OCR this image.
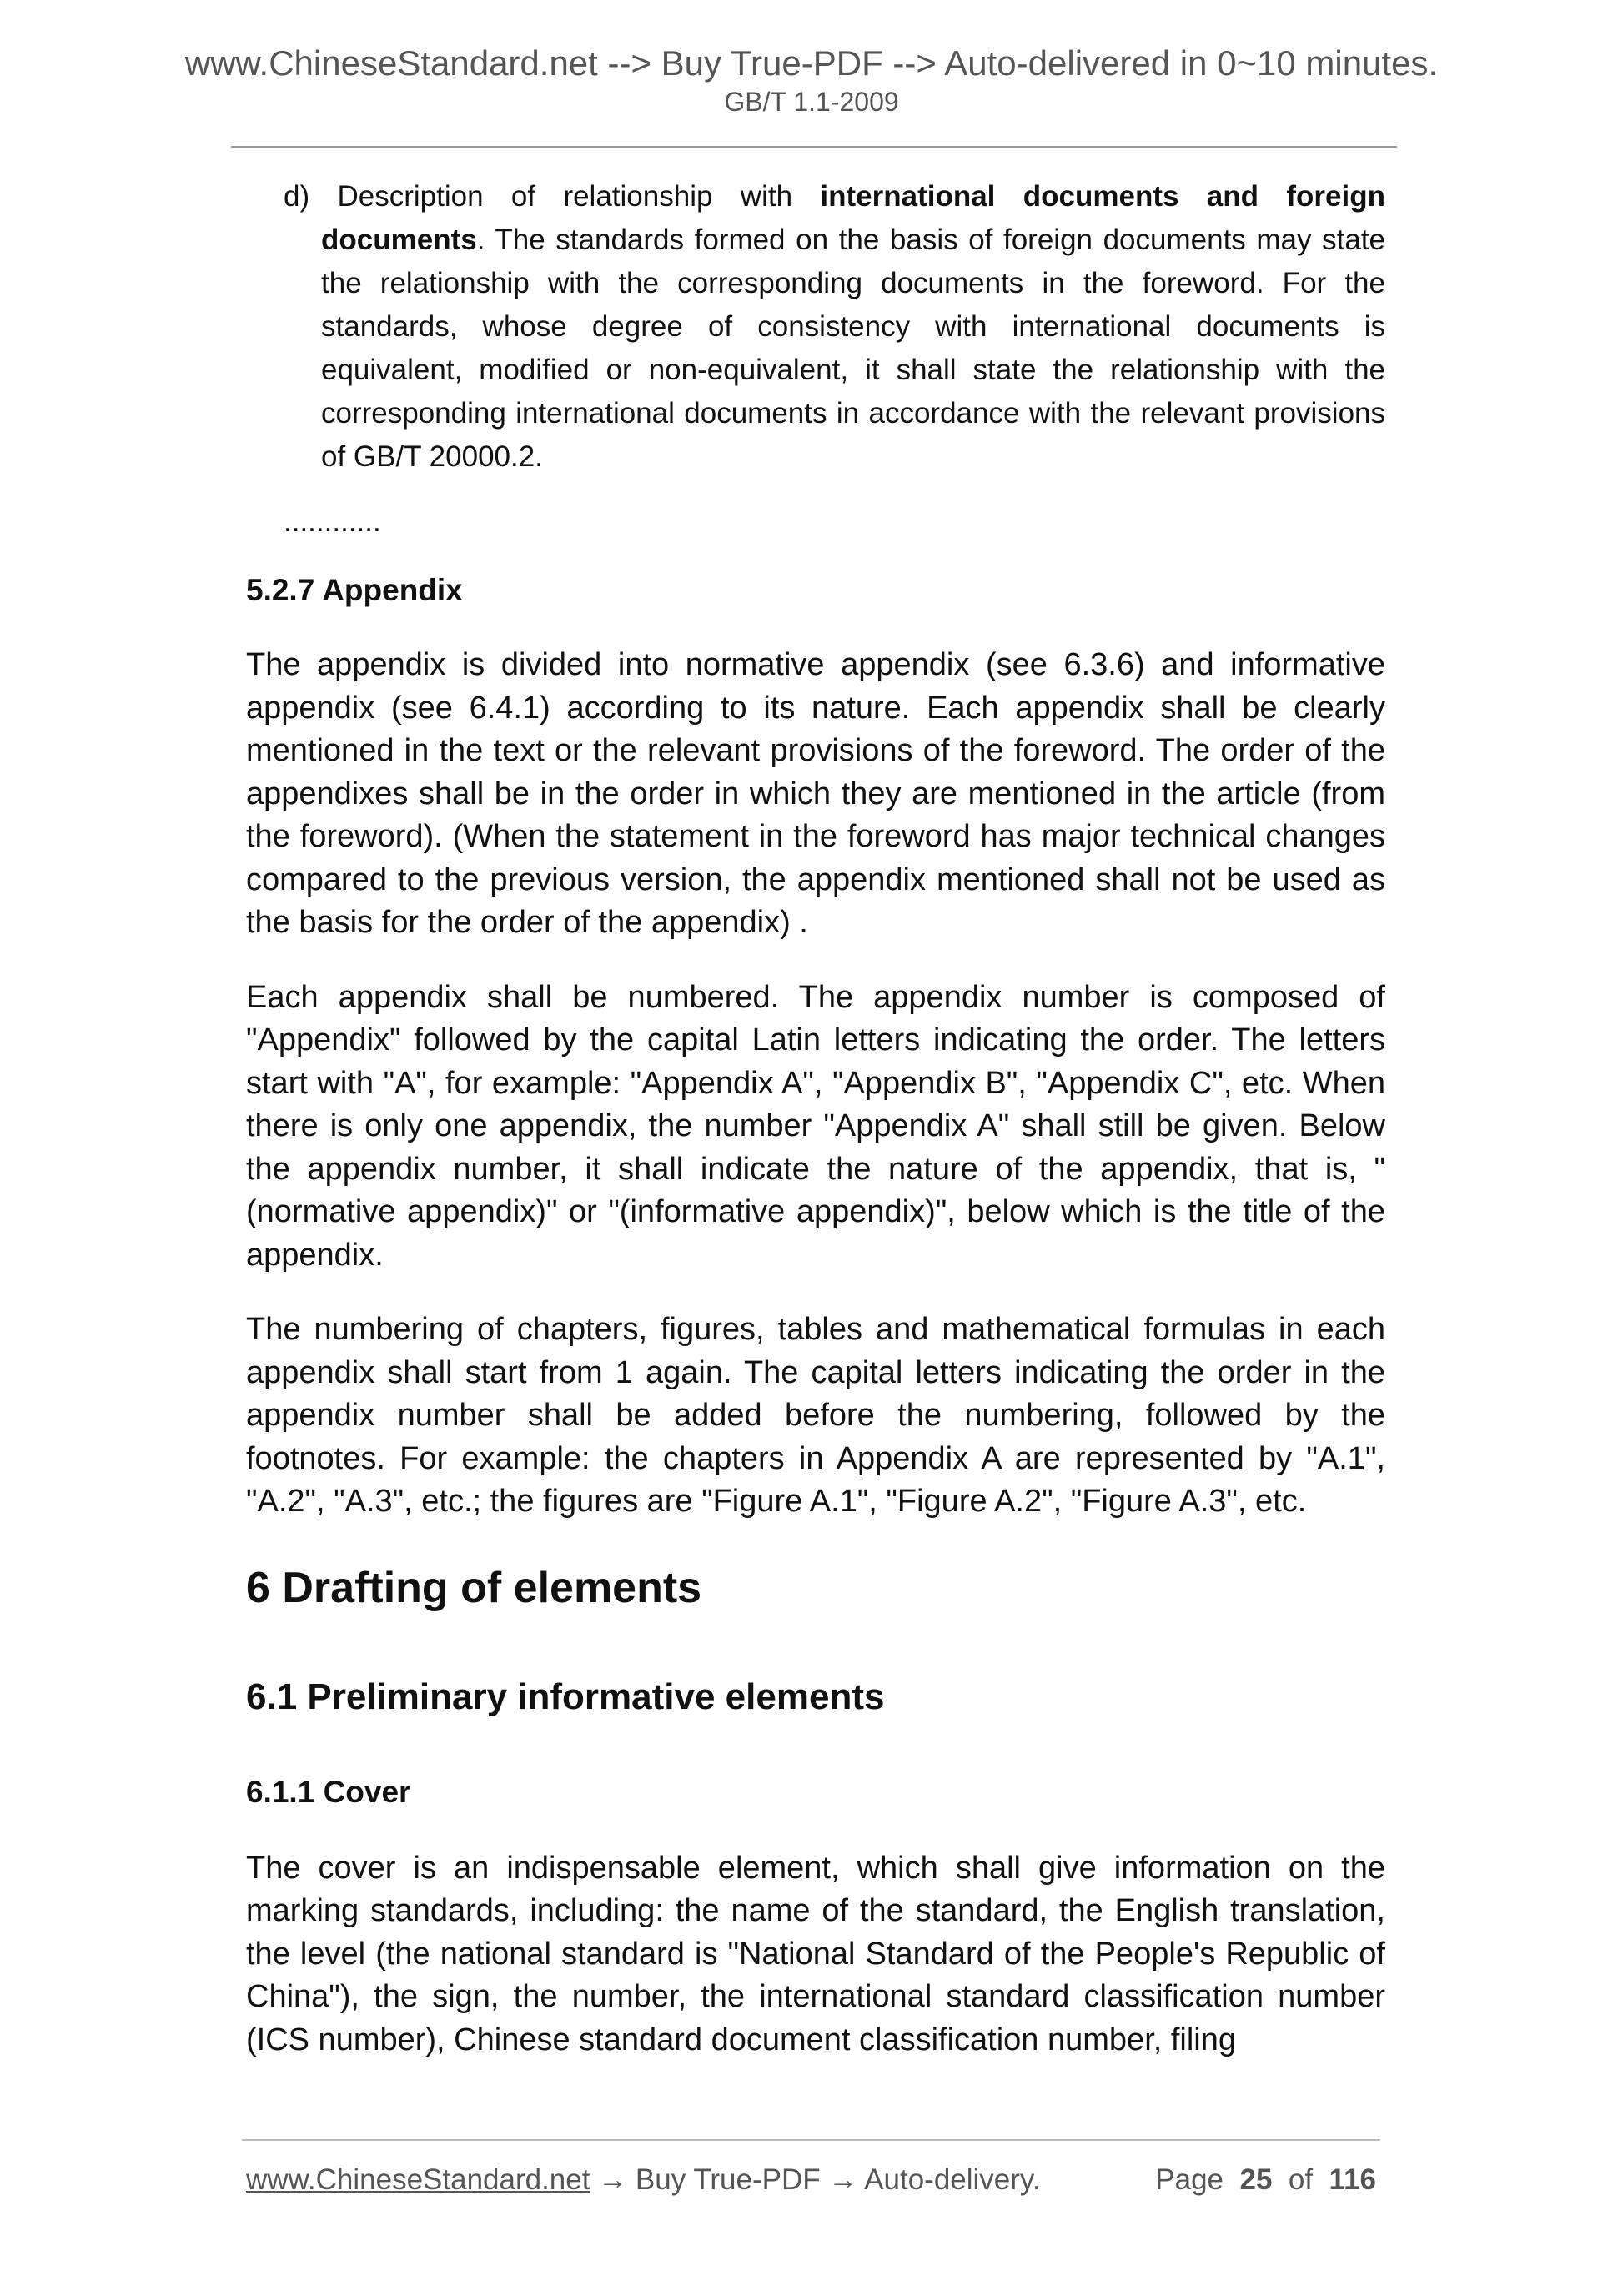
www.ChineseStandard.net --> Buy True-PDF --> Auto-delivered in 0~10 minutes.
GB/T 1.1-2009
d) Description of relationship with international documents and foreign documents. The standards formed on the basis of foreign documents may state the relationship with the corresponding documents in the foreword. For the standards, whose degree of consistency with international documents is equivalent, modified or non-equivalent, it shall state the relationship with the corresponding international documents in accordance with the relevant provisions of GB/T 20000.2.
............
5.2.7 Appendix

The appendix is divided into normative appendix (see 6.3.6) and informative appendix (see 6.4.1) according to its nature. Each appendix shall be clearly mentioned in the text or the relevant provisions of the foreword. The order of the appendixes shall be in the order in which they are mentioned in the article (from the foreword). (When the statement in the foreword has major technical changes compared to the previous version, the appendix mentioned shall not be used as the basis for the order of the appendix) .

Each appendix shall be numbered. The appendix number is composed of "Appendix" followed by the capital Latin letters indicating the order. The letters start with "A", for example: "Appendix A", "Appendix B", "Appendix C", etc. When there is only one appendix, the number "Appendix A" shall still be given. Below the appendix number, it shall indicate the nature of the appendix, that is, "(normative appendix)" or "(informative appendix)", below which is the title of the appendix.

The numbering of chapters, figures, tables and mathematical formulas in each appendix shall start from 1 again. The capital letters indicating the order in the appendix number shall be added before the numbering, followed by the footnotes. For example: the chapters in Appendix A are represented by "A.1", "A.2", "A.3", etc.; the figures are "Figure A.1", "Figure A.2", "Figure A.3", etc.

6 Drafting of elements
6.1 Preliminary informative elements
6.1.1 Cover

The cover is an indispensable element, which shall give information on the marking standards, including: the name of the standard, the English translation, the level (the national standard is "National Standard of the People's Republic of China"), the sign, the number, the international standard classification number (ICS number), Chinese standard document classification number, filing

www.ChineseStandard.net → Buy True-PDF → Auto-delivery.	Page 25 of 116
